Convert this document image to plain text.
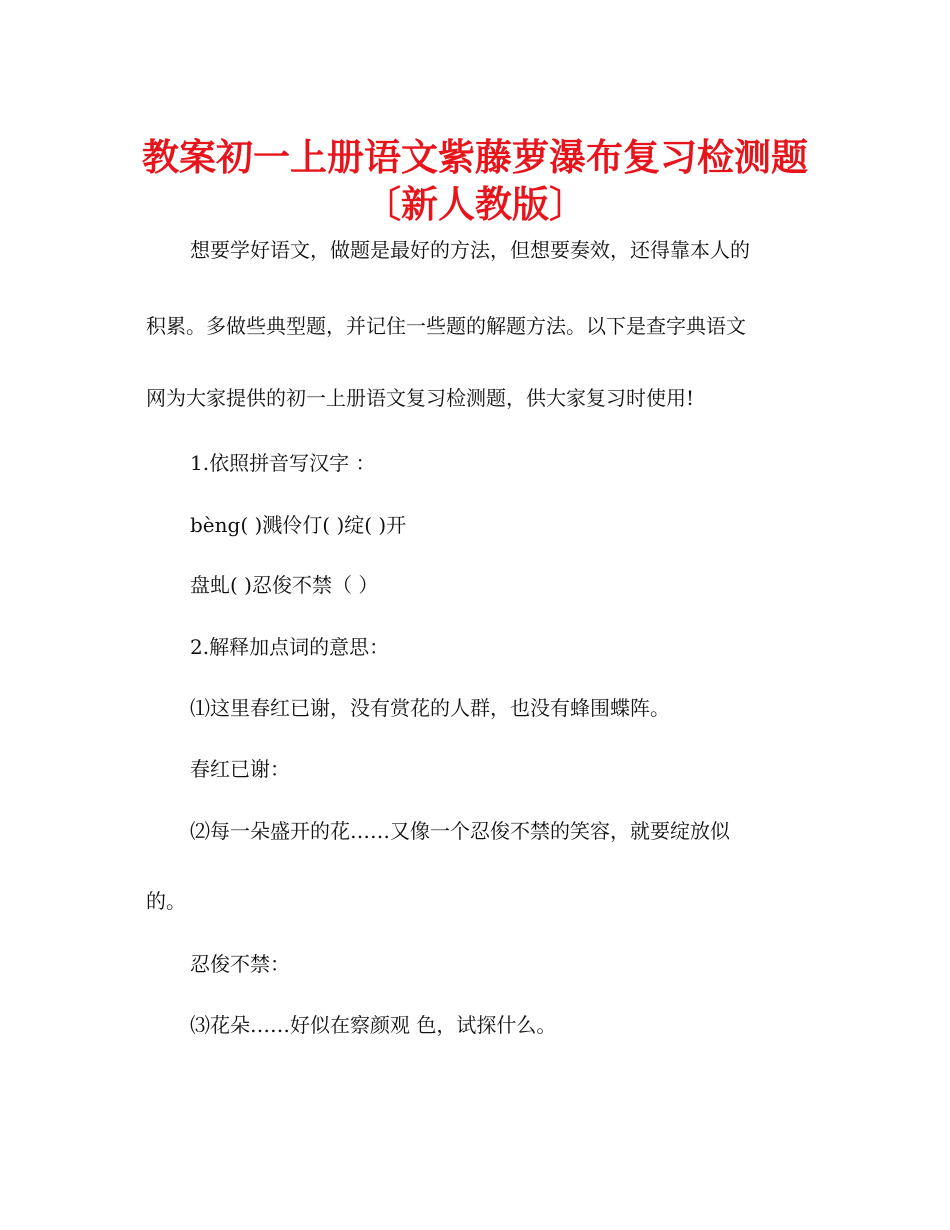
教案初一上册语文紫藤萝瀑布复习检测题
〔新人教版〕

想要学好语文，做题是最好的方法，但想要奏效，还得靠本人的

积累。多做些典型题，并记住一些题的解题方法。以下是查字典语文

网为大家提供的初一上册语文复习检测题，供大家复习时使用!

1.依照拼音写汉字 ：

bèng( )溅伶仃( )绽( )开

盘虬( )忍俊不禁（ ）

2.解释加点词的意思：

⑴这里春红已谢，没有赏花的人群，也没有蜂围蝶阵。

春红已谢：

⑵每一朵盛开的花……又像一个忍俊不禁的笑容，就要绽放似

的。

忍俊不禁：

⑶花朵……好似在察颜观 色，试探什么。
